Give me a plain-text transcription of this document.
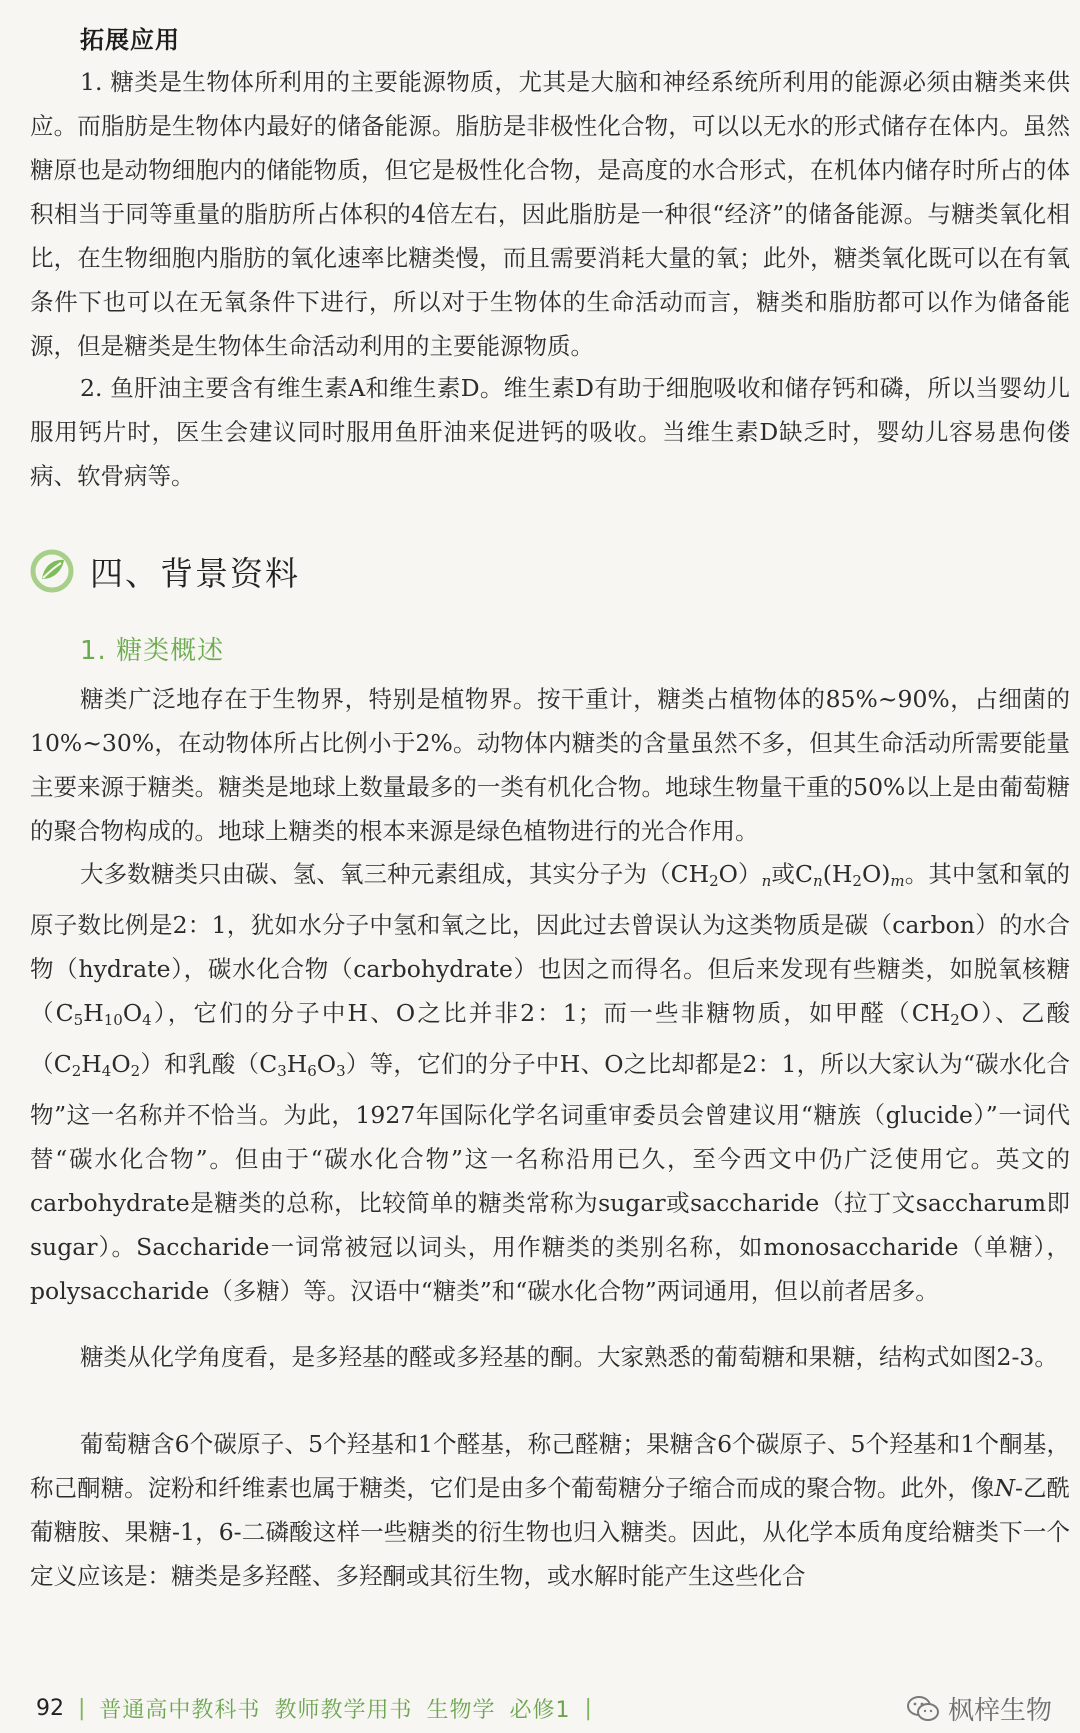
拓展应用

1. 糖类是生物体所利用的主要能源物质，尤其是大脑和神经系统所利用的能源必须由糖类来供应。而脂肪是生物体内最好的储备能源。脂肪是非极性化合物，可以以无水的形式储存在体内。虽然糖原也是动物细胞内的储能物质，但它是极性化合物，是高度的水合形式，在机体内储存时所占的体积相当于同等重量的脂肪所占体积的4倍左右，因此脂肪是一种很“经济”的储备能源。与糖类氧化相比，在生物细胞内脂肪的氧化速率比糖类慢，而且需要消耗大量的氧；此外，糖类氧化既可以在有氧条件下也可以在无氧条件下进行，所以对于生物体的生命活动而言，糖类和脂肪都可以作为储备能源，但是糖类是生物体生命活动利用的主要能源物质。

2. 鱼肝油主要含有维生素A和维生素D。维生素D有助于细胞吸收和储存钙和磷，所以当婴幼儿服用钙片时，医生会建议同时服用鱼肝油来促进钙的吸收。当维生素D缺乏时，婴幼儿容易患佝偻病、软骨病等。

四、背景资料
1. 糖类概述

糖类广泛地存在于生物界，特别是植物界。按干重计，糖类占植物体的85%~90%，占细菌的10%~30%，在动物体所占比例小于2%。动物体内糖类的含量虽然不多，但其生命活动所需要能量主要来源于糖类。糖类是地球上数量最多的一类有机化合物。地球生物量干重的50%以上是由葡萄糖的聚合物构成的。地球上糖类的根本来源是绿色植物进行的光合作用。

大多数糖类只由碳、氢、氧三种元素组成，其实分子为$(CH_2O)_n$或$C_n(H_2O)_m$。其中氢和氧的原子数比例是2：1，犹如水分子中氢和氧之比，因此过去曾误认为这类物质是碳（carbon）的水合物（hydrate），碳水化合物（carbohydrate）也因之而得名。但后来发现有些糖类，如脱氧核糖$(C_5H_{10}O_4)$，它们的分子中H、O之比并非2：1；而一些非糖物质，如甲醛$(CH_2O)$、乙酸$(C_2H_4O_2)$和乳酸$(C_3H_6O_3)$等，它们的分子中H、O之比却都是2：1，所以大家认为“碳水化合物”这一名称并不恰当。为此，1927年国际化学名词重审委员会曾建议用“糖族（glucide）”一词代替“碳水化合物”。但由于“碳水化合物”这一名称沿用已久，至今西文中仍广泛使用它。英文的carbohydrate是糖类的总称，比较简单的糖类常称为sugar或saccharide（拉丁文saccharum即sugar）。Saccharide一词常被冠以词头，用作糖类的类别名称，如monosaccharide（单糖），polysaccharide（多糖）等。汉语中“糖类”和“碳水化合物”两词通用，但以前者居多。

糖类从化学角度看，是多羟基的醛或多羟基的酮。大家熟悉的葡萄糖和果糖，结构式如图2-3。

葡萄糖含6个碳原子、5个羟基和1个醛基，称己醛糖；果糖含6个碳原子、5个羟基和1个酮基，称己酮糖。淀粉和纤维素也属于糖类，它们是由多个葡萄糖分子缩合而成的聚合物。此外，像N-乙酰葡糖胺、果糖-1，6-二磷酸这样一些糖类的衍生物也归入糖类。因此，从化学本质角度给糖类下一个定义应该是：糖类是多羟醛、多羟酮或其衍生物，或水解时能产生这些化合

92 | 普通高中教科书 教师教学用书 生物学 必修1 |	枫梓生物
